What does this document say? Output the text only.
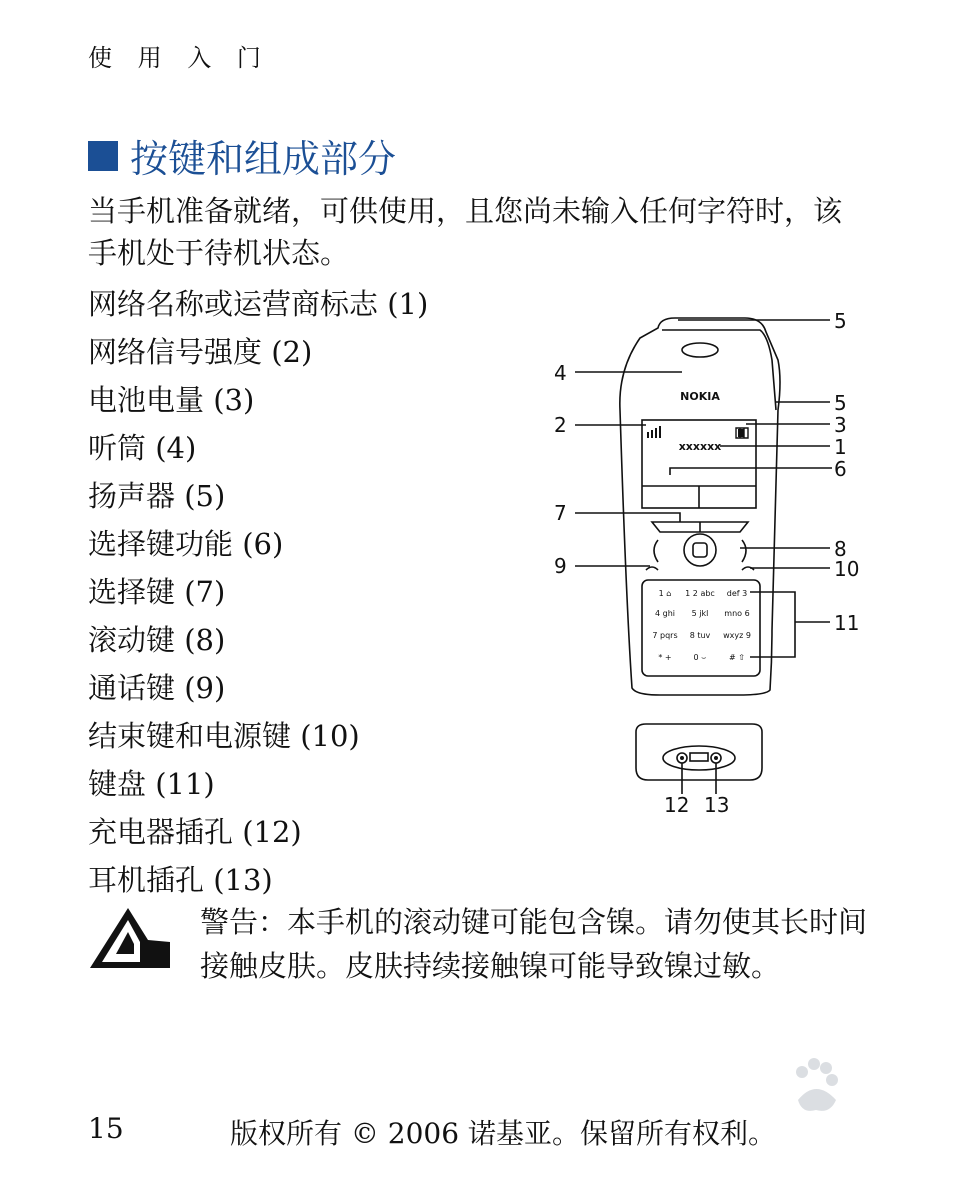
使 用 入 门
按键和组成部分
当手机准备就绪，可供使用，且您尚未输入任何字符时，该手机处于待机状态。
网络名称或运营商标志 (1)
网络信号强度 (2)
电池电量 (3)
听筒 (4)
扬声器 (5)
选择键功能 (6)
选择键 (7)
滚动键 (8)
通话键 (9)
结束键和电源键 (10)
键盘 (11)
充电器插孔 (12)
耳机插孔 (13)
NOKIA
xxxxxx
1 ⌂ 1 2 abc def 3
4 ghi 5 jkl mno 6
7 pqrs 8 tuv wxyz 9
* +	0 ⌣	# ⇧
5
4
5
2	3
1
6
7
8
9	10
11
12 13
警告：本手机的滚动键可能包含镍。请勿使其长时间接触皮肤。皮肤持续接触镍可能导致镍过敏。
15	版权所有 © 2006 诺基亚。保留所有权利。
